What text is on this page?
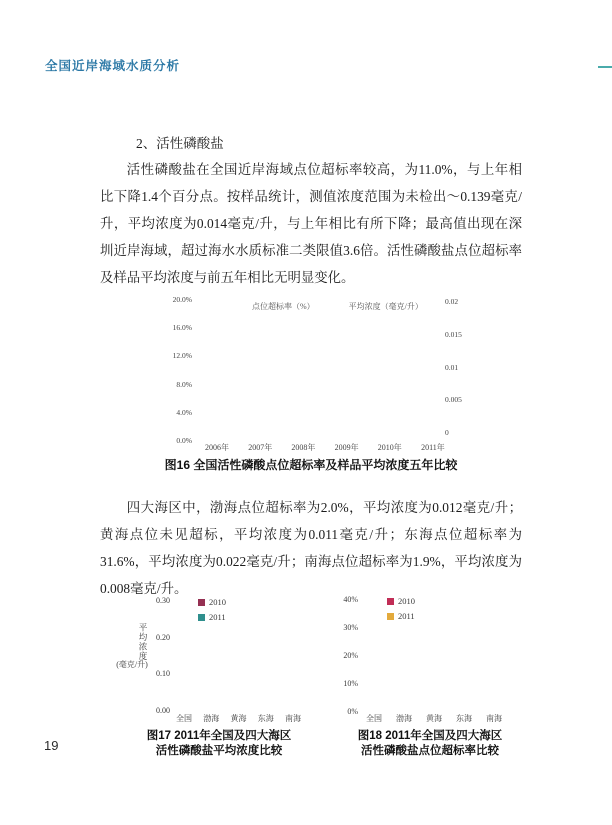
全国近岸海域水质分析
2、活性磷酸盐
活性磷酸盐在全国近岸海域点位超标率较高，为11.0%，与上年相比下降1.4个百分点。按样品统计，测值浓度范围为未检出～0.139毫克/升，平均浓度为0.014毫克/升，与上年相比有所下降；最高值出现在深圳近岸海域，超过海水水质标准二类限值3.6倍。活性磷酸盐点位超标率及样品平均浓度与前五年相比无明显变化。
20.0%
16.0%
12.0%
8.0%
4.0%
0.0%
点位超标率（%）	平均浓度（毫克/升）
0.02
0.015
0.01
0.005
0
2006年	2007年	2008年	2009年	2010年	2011年
图16 全国活性磷酸点位超标率及样品平均浓度五年比较
四大海区中，渤海点位超标率为2.0%，平均浓度为0.012毫克/升；黄海点位未见超标，平均浓度为0.011毫克/升；东海点位超标率为31.6%，平均浓度为0.022毫克/升；南海点位超标率为1.9%，平均浓度为0.008毫克/升。
平均浓度
(毫克/升)
0.30
0.20
0.10
0.00
2010
2011
全国	渤海	黄海	东海	南海
40%
30%
20%
10%
0%
2010
2011
全国	渤海	黄海	东海	南海
图17 2011年全国及四大海区
活性磷酸盐平均浓度比较
图18 2011年全国及四大海区
活性磷酸盐点位超标率比较
19
